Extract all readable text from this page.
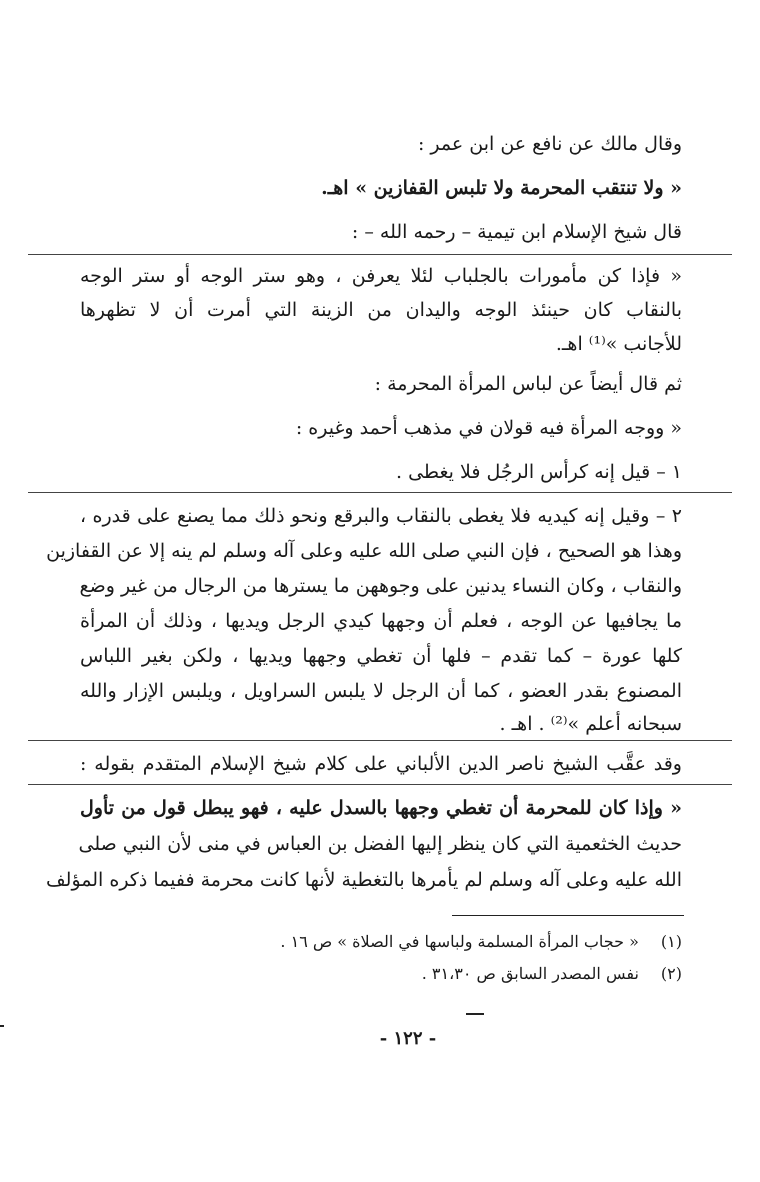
وقال مالك عن نافع عن ابن عمر :
« ولا تنتقب المحرمة ولا تلبس القفازين » اهـ.
قال شيخ الإسلام ابن تيمية – رحمه الله – :
« فإذا كن مأمورات بالجلباب لئلا يعرفن ، وهو ستر الوجه أو ستر الوجه
بالنقاب كان حينئذ الوجه واليدان من الزينة التي أمرت أن لا تظهرها
للأجانب »⁽¹⁾ اهـ.
ثم قال أيضاً عن لباس المرأة المحرمة :
« ووجه المرأة فيه قولان في مذهب أحمد وغيره :
١ – قيل إنه كرأس الرجُل فلا يغطى .
٢ – وقيل إنه كيديه فلا يغطى بالنقاب والبرقع ونحو ذلك مما يصنع على قدره ،
وهذا هو الصحيح ، فإن النبي صلى الله عليه وعلى آله وسلم لم ينه إلا عن القفازين
والنقاب ، وكان النساء يدنين على وجوههن ما يسترها من الرجال من غير وضع
ما يجافيها عن الوجه ، فعلم أن وجهها كيدي الرجل ويديها ، وذلك أن المرأة
كلها عورة – كما تقدم – فلها أن تغطي وجهها ويديها ، ولكن بغير اللباس
المصنوع بقدر العضو ، كما أن الرجل لا يلبس السراويل ، ويلبس الإزار والله
سبحانه أعلم »⁽²⁾ . اهـ .
وقد عقَّب الشيخ ناصر الدين الألباني على كلام شيخ الإسلام المتقدم بقوله :
« وإذا كان للمحرمة أن تغطي وجهها بالسدل عليه ، فهو يبطل قول من تأول
حديث الخثعمية التي كان ينظر إليها الفضل بن العباس في منى لأن النبي صلى
الله عليه وعلى آله وسلم لم يأمرها بالتغطية لأنها كانت محرمة ففيما ذكره المؤلف
(١) « حجاب المرأة المسلمة ولباسها في الصلاة » ص ١٦ .
(٢) نفس المصدر السابق ص ٣١،٣٠ .
- ١٢٢ -
